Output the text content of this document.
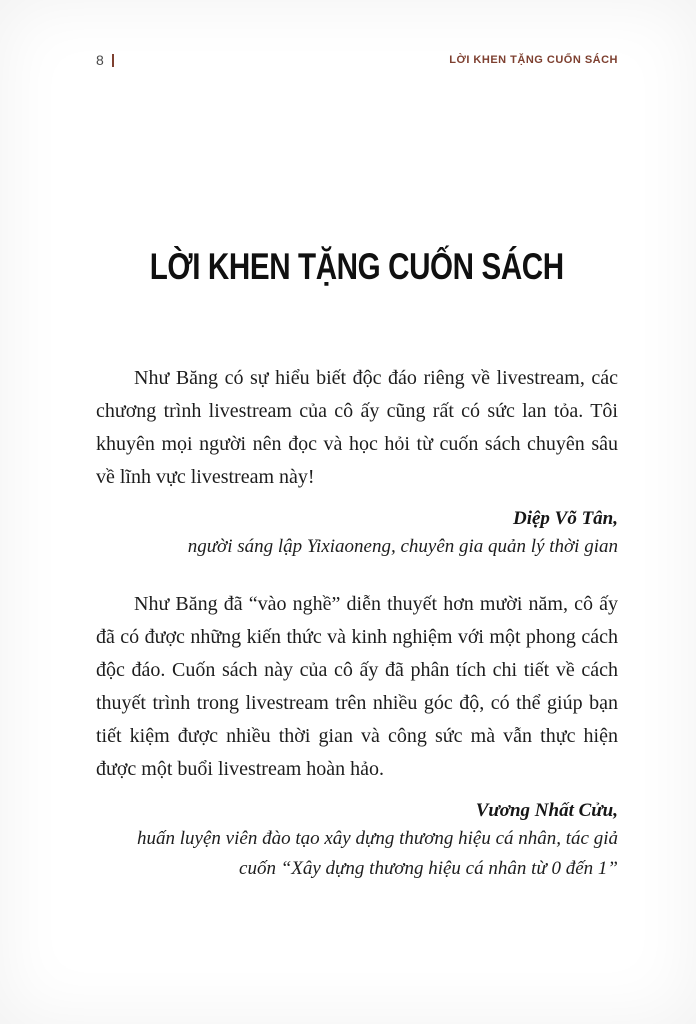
8	LỜI KHEN TẶNG CUỐN SÁCH
LỜI KHEN TẶNG CUỐN SÁCH

Như Băng có sự hiểu biết độc đáo riêng về livestream, các chương trình livestream của cô ấy cũng rất có sức lan tỏa. Tôi khuyên mọi người nên đọc và học hỏi từ cuốn sách chuyên sâu về lĩnh vực livestream này!

Diệp Võ Tân,

người sáng lập Yixiaoneng, chuyên gia quản lý thời gian

Như Băng đã “vào nghề” diễn thuyết hơn mười năm, cô ấy đã có được những kiến thức và kinh nghiệm với một phong cách độc đáo. Cuốn sách này của cô ấy đã phân tích chi tiết về cách thuyết trình trong livestream trên nhiều góc độ, có thể giúp bạn tiết kiệm được nhiều thời gian và công sức mà vẫn thực hiện được một buổi livestream hoàn hảo.

Vương Nhất Cửu,

huấn luyện viên đào tạo xây dựng thương hiệu cá nhân, tác giả cuốn “Xây dựng thương hiệu cá nhân từ 0 đến 1”
